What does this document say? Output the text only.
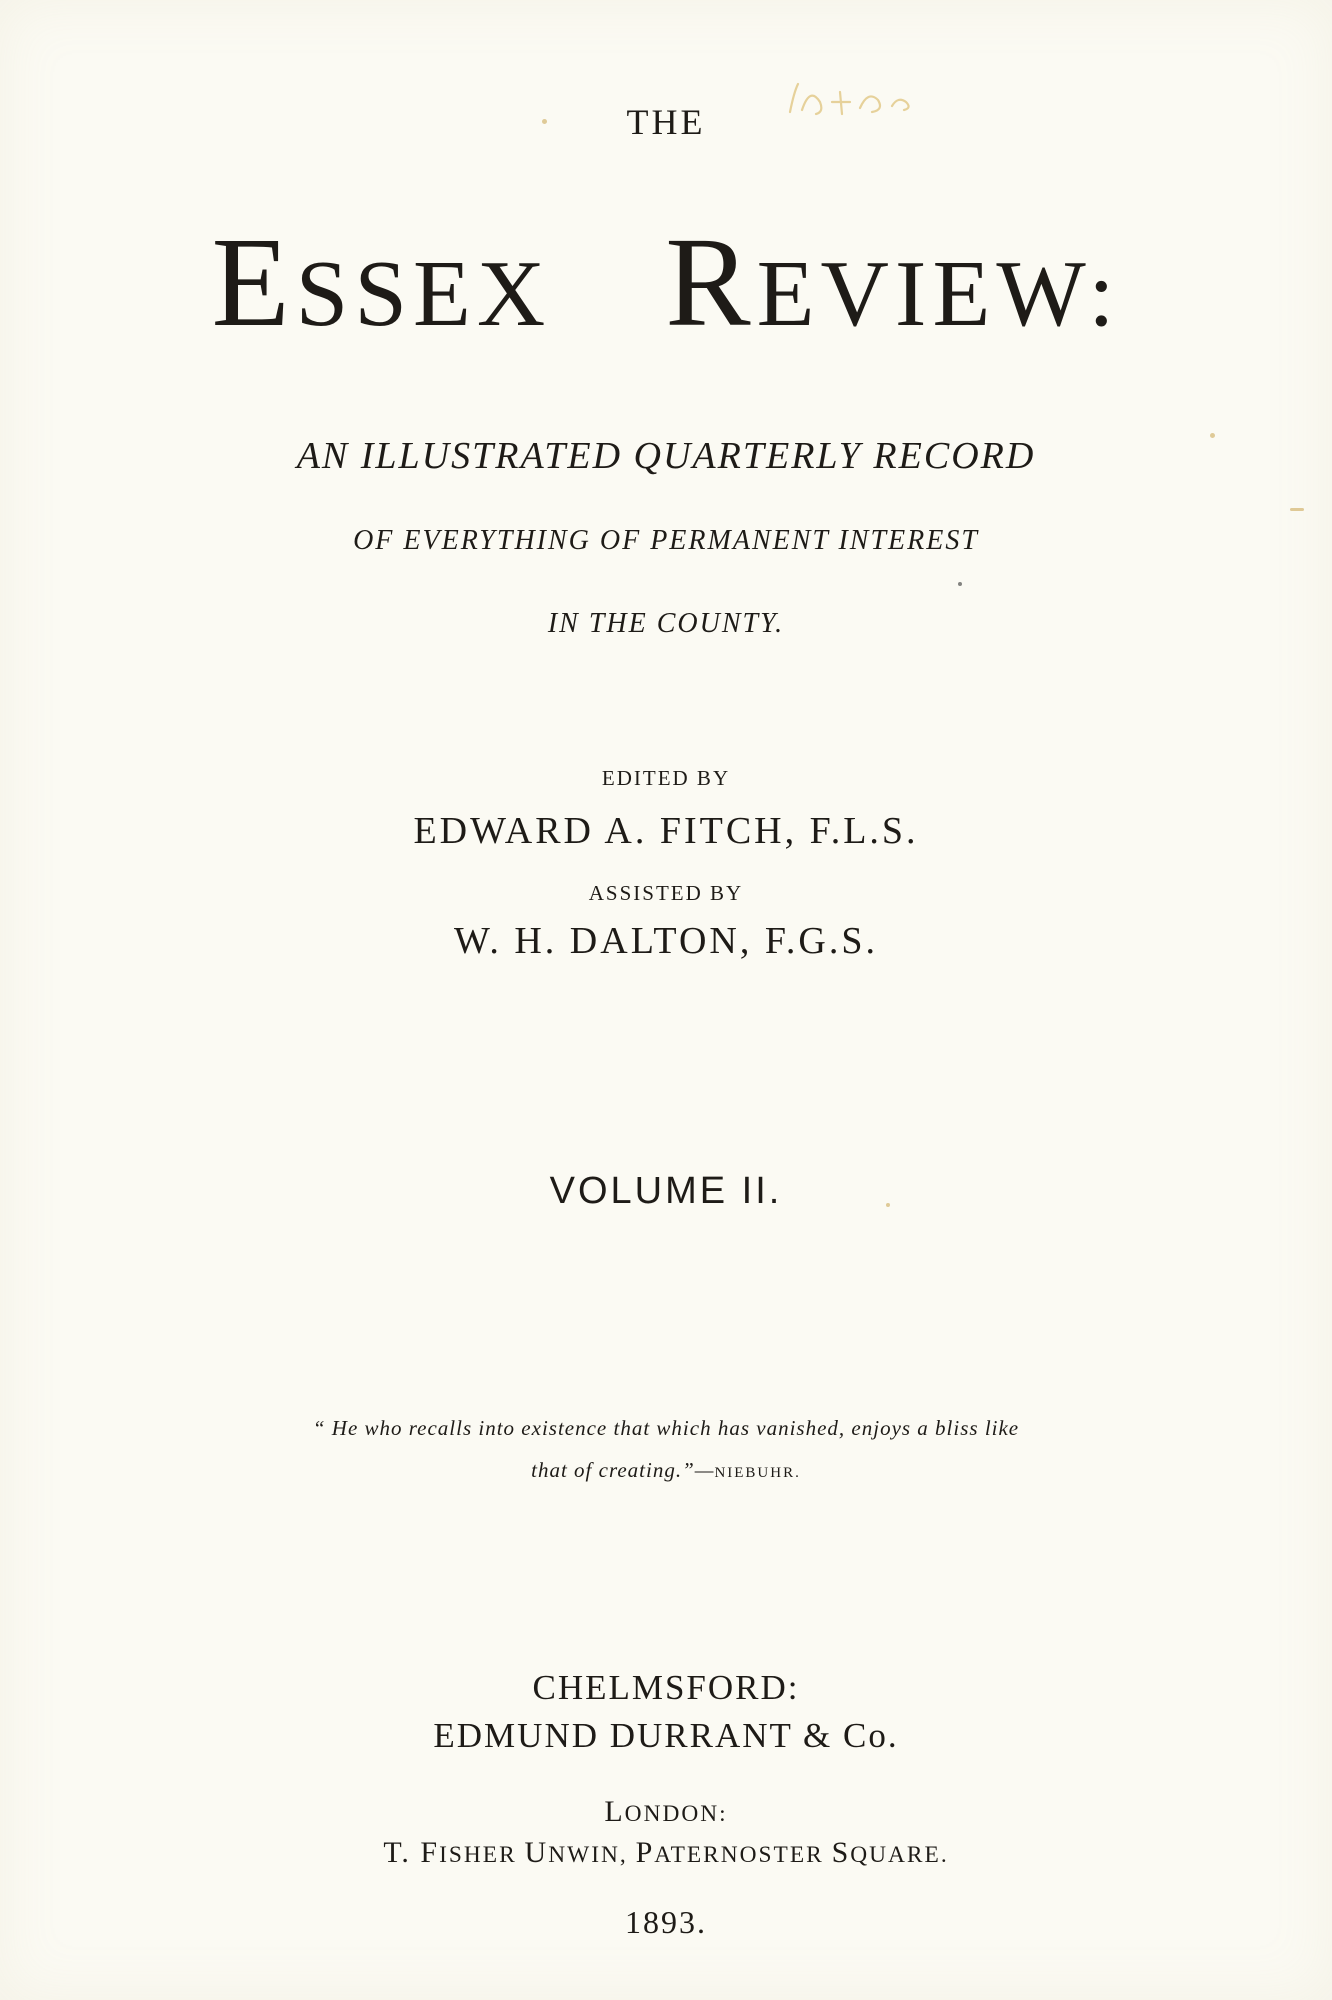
THE
ESSEX REVIEW:
AN ILLUSTRATED QUARTERLY RECORD
OF EVERYTHING OF PERMANENT INTEREST
IN THE COUNTY.
EDITED BY
EDWARD A. FITCH, F.L.S.
ASSISTED BY
W. H. DALTON, F.G.S.
VOLUME II.
“ He who recalls into existence that which has vanished, enjoys a bliss like
that of creating.”—NIEBUHR.
CHELMSFORD:
EDMUND DURRANT & Co.
LONDON:
T. FISHER UNWIN, PATERNOSTER SQUARE.
1893.
